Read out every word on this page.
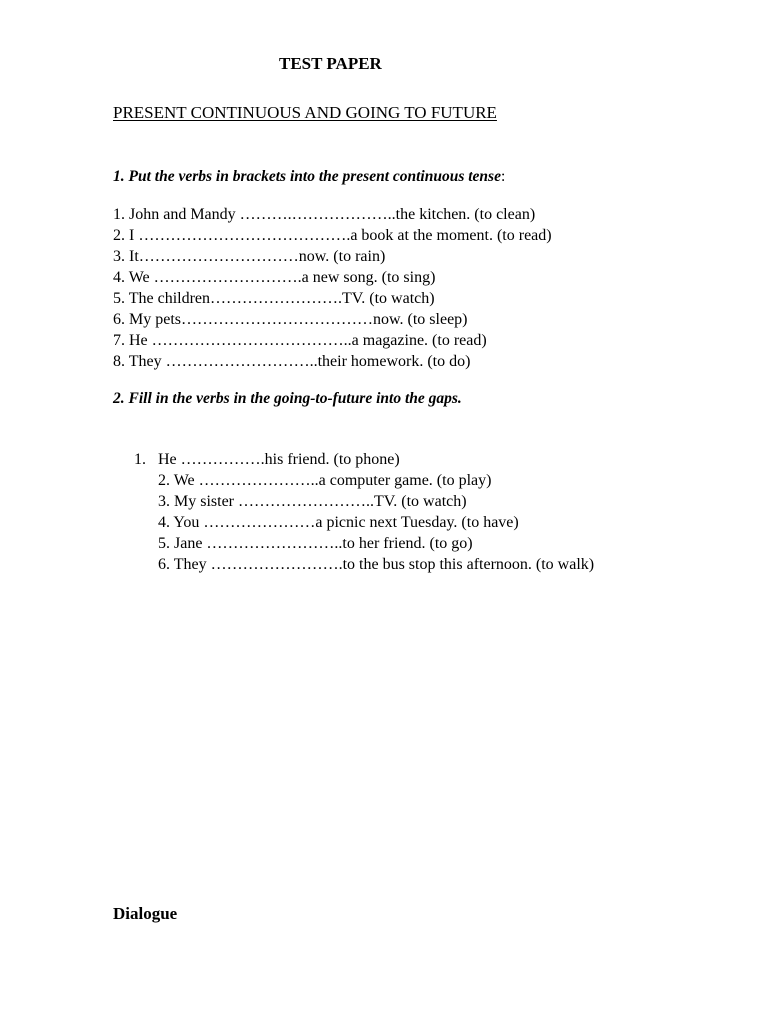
TEST PAPER
PRESENT CONTINUOUS AND GOING TO FUTURE
1. Put the verbs in brackets into the present continuous tense:
1. John and Mandy ……….………………..the kitchen. (to clean)
2. I ………………………………….a book at the moment. (to read)
3. It…………………………now. (to rain)
4. We ……………………….a new song. (to sing)
5. The children…………………….TV. (to watch)
6. My pets………………………………now. (to sleep)
7. He ………………………………..a magazine. (to read)
8. They ………………………..their homework. (to do)
2. Fill in the verbs in the going-to-future into the gaps.
1. He …………….his friend. (to phone)
2. We …………………..a computer game. (to play)
3. My sister ……………………..TV. (to watch)
4. You …………………a picnic next Tuesday. (to have)
5. Jane ……………………..to her friend. (to go)
6. They …………………….to the bus stop this afternoon. (to walk)
Dialogue
